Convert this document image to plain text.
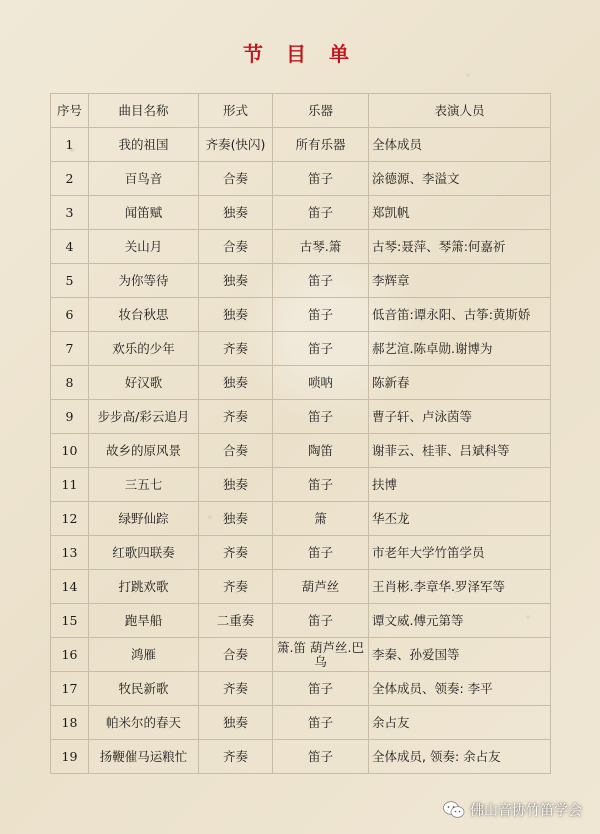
节 目 单
序号	曲目名称	形式	乐器	表演人员
1	我的祖国	齐奏(快闪)	所有乐器	全体成员
2	百鸟音	合奏	笛子	涂德源、李溢文
3	闻笛赋	独奏	笛子	郑凯帆
4	关山月	合奏	古琴.箫	古琴:聂萍、琴箫:何嘉祈
5	为你等待	独奏	笛子	李辉章
6	妆台秋思	独奏	笛子	低音笛:谭永阳、古筝:黄斯娇
7	欢乐的少年	齐奏	笛子	郝艺渲.陈卓勋.谢博为
8	好汉歌	独奏	唢呐	陈新春
9	步步高/彩云追月	齐奏	笛子	曹子轩、卢泳茵等
10	故乡的原风景	合奏	陶笛	谢菲云、桂菲、吕斌科等
11	三五七	独奏	笛子	扶博
12	绿野仙踪	独奏	箫	华丕龙
13	红歌四联奏	齐奏	笛子	市老年大学竹笛学员
14	打跳欢歌	齐奏	葫芦丝	王肖彬.李章华.罗泽军等
15	跑旱船	二重奏	笛子	谭文威.傅元第等
16	鸿雁	合奏	箫.笛 葫芦丝.巴乌	李秦、孙爱国等
17	牧民新歌	齐奏	笛子	全体成员、领奏: 李平
18	帕米尔的春天	独奏	笛子	余占友
19	扬鞭催马运粮忙	齐奏	笛子	全体成员, 领奏: 余占友
佛山音协竹笛学会
